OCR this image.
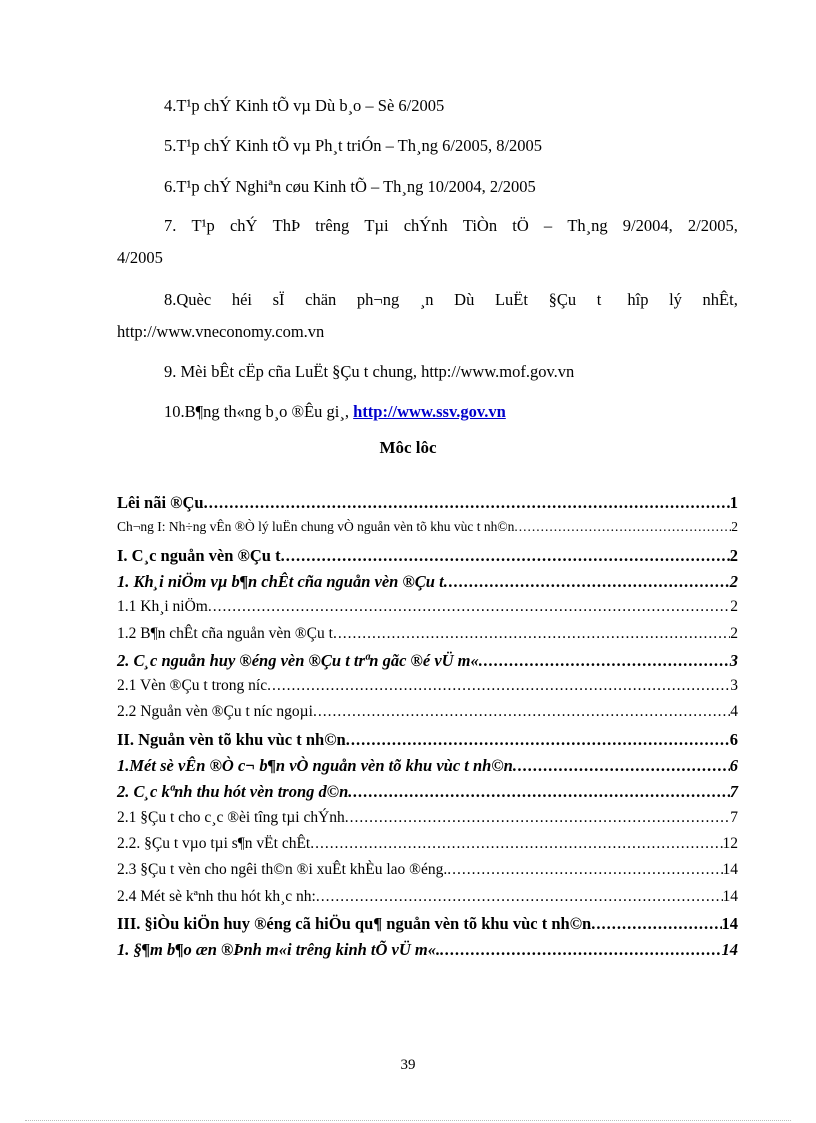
4.T¹p chÝ Kinh tÕ vµ Dù b¸o – Sè 6/2005
5.T¹p chÝ Kinh tÕ vµ Ph¸t triÓn – Th¸ng 6/2005, 8/2005
6.T¹p chÝ Nghiªn cøu Kinh tÕ – Th¸ng 10/2004, 2/2005
7. T¹p chÝ ThÞ trêng Tµi chÝnh TiÒn tÖ – Th¸ng 9/2004, 2/2005,
4/2005
8.Quèc héi sÏ chän ph¬ng ¸n Dù LuËt §Çu t	hîp lý nhÊt,
http://www.vneconomy.com.vn
9. Mèi bÊt cËp cña LuËt §Çu t chung, http://www.mof.gov.vn
10.B¶ng th«ng b¸o ®Êu gi¸, http://www.ssv.gov.vn
Môc lôc
Lêi nãi ®Çu .....	1
Ch¬ng I: Nh÷ng vÊn ®Ò lý luËn chung vÒ nguån vèn tõ khu vùc t nh©n .....	2
I. C¸c nguån vèn ®Çu t .....	2
1. Kh¸i niÖm vµ b¶n chÊt cña nguån vèn ®Çu t .....	2
1.1 Kh¸i niÖm .....	2
1.2 B¶n chÊt cña nguån vèn ®Çu t .....	2
2. C¸c nguån huy ®éng vèn ®Çu t trªn gãc ®é vÜ m« .....	3
2.1 Vèn ®Çu t trong níc .....	3
2.2 Nguån vèn ®Çu t níc ngoµi .....	4
II. Nguån vèn tõ khu vùc t nh©n .....	6
1.Mét sè vÊn ®Ò c¬ b¶n vÒ nguån vèn tõ khu vùc t nh©n .....	6
2. C¸c kªnh thu hót vèn trong d©n .....	7
2.1 §Çu t cho c¸c ®èi tîng tµi chÝnh .....	7
2.2. §Çu t vµo tµi s¶n vËt chÊt .....	12
2.3 §Çu t vèn cho ngêi th©n ®i xuÊt khÈu lao ®éng. .....	14
2.4 Mét sè kªnh thu hót kh¸c nh: .....	14
III. §iÒu kiÖn huy ®éng cã hiÖu qu¶ nguån vèn tõ khu vùc t nh©n .....	14
1. §¶m b¶o æn ®Þnh m«i trêng kinh tÕ vÜ m«. .....	14
39
